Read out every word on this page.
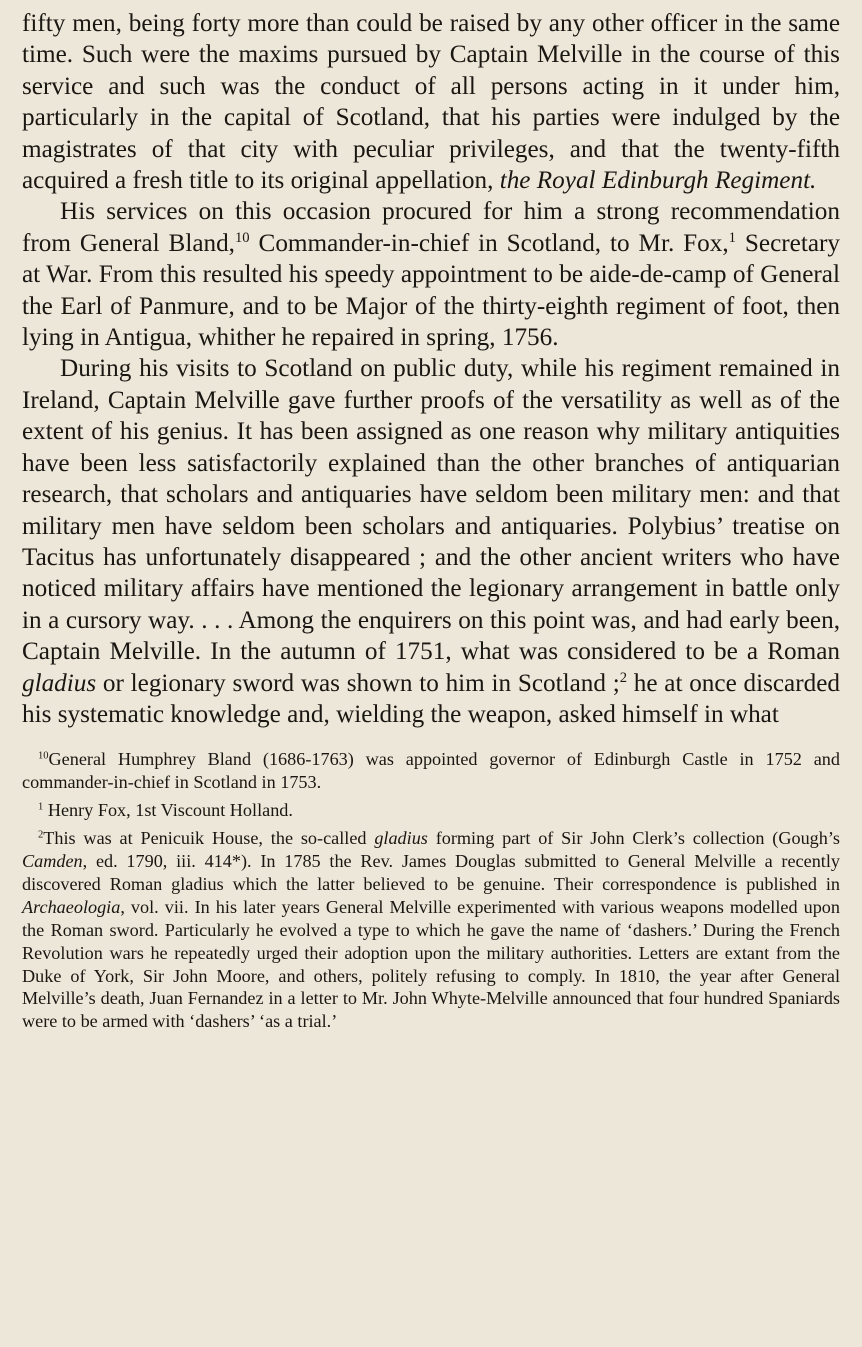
fifty men, being forty more than could be raised by any other officer in the same time. Such were the maxims pursued by Captain Melville in the course of this service and such was the conduct of all persons acting in it under him, particularly in the capital of Scotland, that his parties were indulged by the magistrates of that city with peculiar privileges, and that the twenty-fifth acquired a fresh title to its original appellation, the Royal Edinburgh Regiment.

His services on this occasion procured for him a strong recommendation from General Bland,$^{10}$ Commander-in-chief in Scotland, to Mr. Fox,$^1$ Secretary at War. From this resulted his speedy appointment to be aide-de-camp of General the Earl of Panmure, and to be Major of the thirty-eighth regiment of foot, then lying in Antigua, whither he repaired in spring, 1756.

During his visits to Scotland on public duty, while his regiment remained in Ireland, Captain Melville gave further proofs of the versatility as well as of the extent of his genius. It has been assigned as one reason why military antiquities have been less satisfactorily explained than the other branches of antiquarian research, that scholars and antiquaries have seldom been military men: and that military men have seldom been scholars and antiquaries. Polybius’ treatise on Tacitus has unfortunately disappeared ; and the other ancient writers who have noticed military affairs have mentioned the legionary arrangement in battle only in a cursory way. . . . Among the enquirers on this point was, and had early been, Captain Melville. In the autumn of 1751, what was considered to be a Roman gladius or legionary sword was shown to him in Scotland ;$^2$ he at once discarded his systematic knowledge and, wielding the weapon, asked himself in what

$^{10}$General Humphrey Bland (1686-1763) was appointed governor of Edinburgh Castle in 1752 and commander-in-chief in Scotland in 1753.

$^1$ Henry Fox, 1st Viscount Holland.

$^2$This was at Penicuik House, the so-called gladius forming part of Sir John Clerk’s collection (Gough’s Camden, ed. 1790, iii. 414*). In 1785 the Rev. James Douglas submitted to General Melville a recently discovered Roman gladius which the latter believed to be genuine. Their correspondence is published in Archaeologia, vol. vii. In his later years General Melville experimented with various weapons modelled upon the Roman sword. Particularly he evolved a type to which he gave the name of ‘dashers.’ During the French Revolution wars he repeatedly urged their adoption upon the military authorities. Letters are extant from the Duke of York, Sir John Moore, and others, politely refusing to comply. In 1810, the year after General Melville’s death, Juan Fernandez in a letter to Mr. John Whyte-Melville announced that four hundred Spaniards were to be armed with ‘dashers’ ‘as a trial.’
